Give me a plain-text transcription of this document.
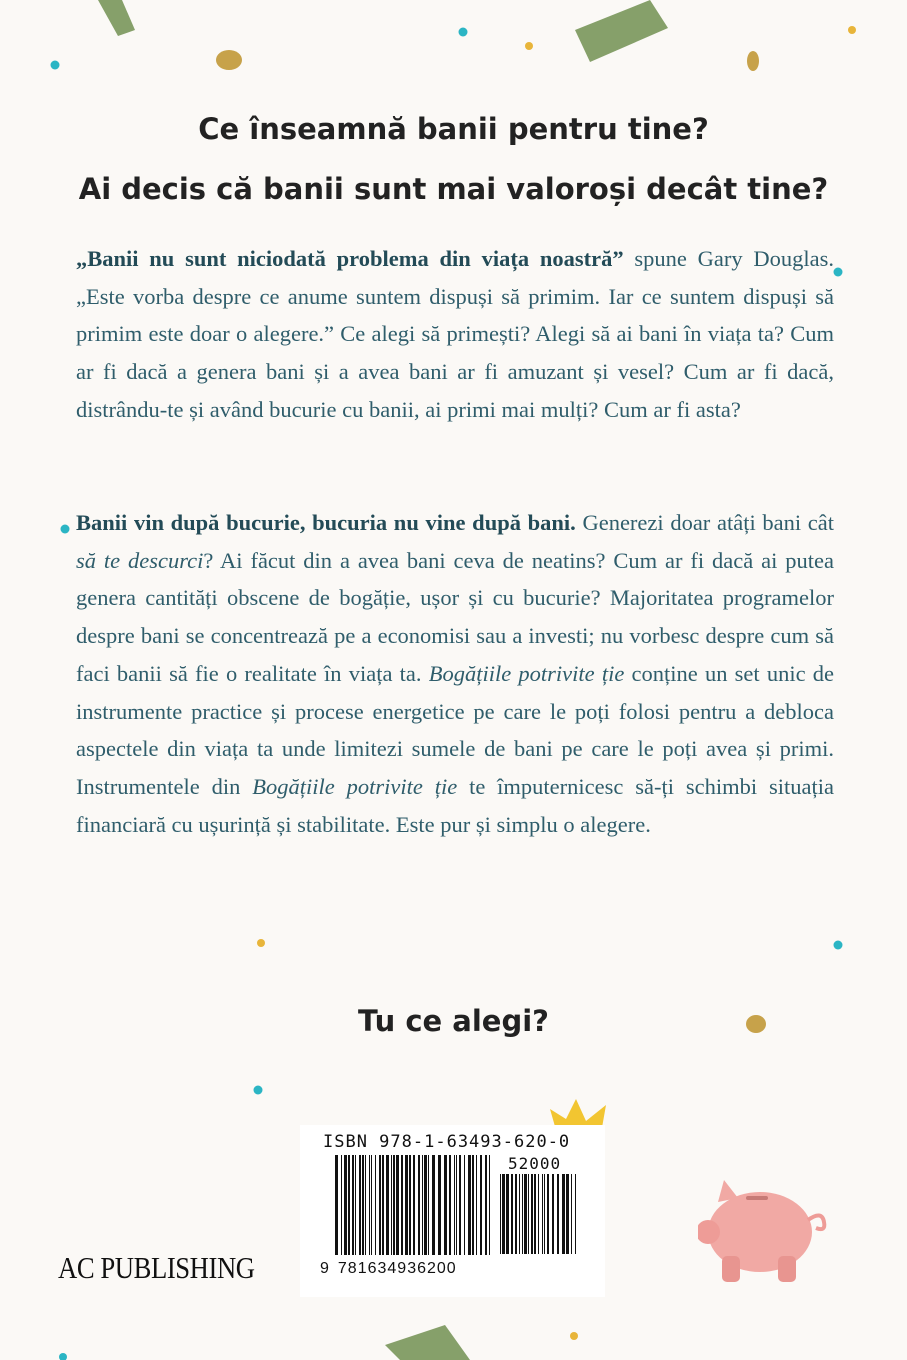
Ce înseamnă banii pentru tine?

Ai decis că banii sunt mai valoroși decât tine?

„Banii nu sunt niciodată problema din viața noastră” spune Gary Douglas. „Este vorba despre ce anume suntem dispuși să primim. Iar ce suntem dispuși să primim este doar o alegere.” Ce alegi să primești? Alegi să ai bani în viața ta? Cum ar fi dacă a genera bani și a avea bani ar fi amuzant și vesel? Cum ar fi dacă, distrându-te și având bucurie cu banii, ai primi mai mulți? Cum ar fi asta?

Banii vin după bucurie, bucuria nu vine după bani. Generezi doar atâți bani cât să te descurci? Ai făcut din a avea bani ceva de neatins? Cum ar fi dacă ai putea genera cantități obscene de bogăție, ușor și cu bucurie? Majoritatea programelor despre bani se concentrează pe a economisi sau a investi; nu vorbesc despre cum să faci banii să fie o realitate în viața ta. Bogățiile potrivite ție conține un set unic de instrumente practice și procese energetice pe care le poți folosi pentru a debloca aspectele din viața ta unde limitezi sumele de bani pe care le poți avea și primi. Instrumentele din Bogățiile potrivite ție te împuternicesc să-ți schimbi situația financiară cu ușurință și stabilitate. Este pur și simplu o alegere.

Tu ce alegi?

ISBN 978-1-63493-620-0
52000
9 781634936200
AC PUBLISHING
